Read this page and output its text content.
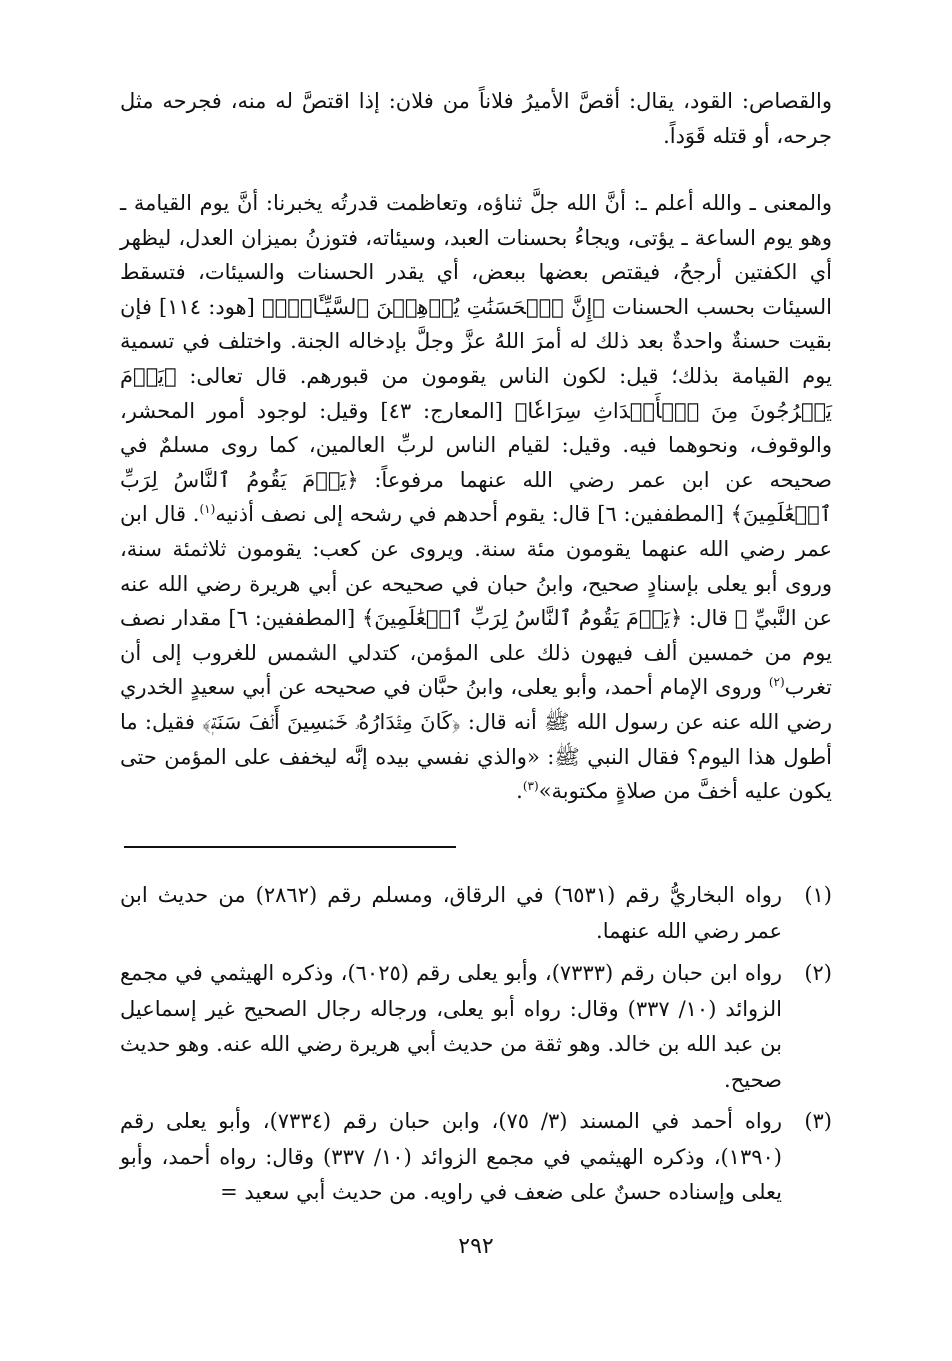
والقصاص: القود، يقال: أقصَّ الأميرُ فلاناً من فلان: إذا اقتصَّ له منه، فجرحه مثل جرحه، أو قتله قَوَداً.

والمعنى ـ والله أعلم ـ: أنَّ الله جلَّ ثناؤه، وتعاظمت قدرتُه يخبرنا: أنَّ يوم القيامة ـ وهو يوم الساعة ـ يؤتى، ويجاءُ بحسنات العبد، وسيئاته، فتوزنُ بميزان العدل، ليظهر أي الكفتين أرجحُ، فيقتص بعضها ببعض، أي يقدر الحسنات والسيئات، فتسقط السيئات بحسب الحسنات ﴿إِنَّ ٱلۡحَسَنَٰتِ يُذۡهِبۡنَ ٱلسَّيِّـَٔاتِۚ﴾ [هود: ١١٤] فإن بقيت حسنةٌ واحدةٌ بعد ذلك له أمرَ اللهُ عزَّ وجلَّ بإدخاله الجنة. واختلف في تسمية يوم القيامة بذلك؛ قيل: لكون الناس يقومون من قبورهم. قال تعالى: ﴿يَوۡمَ يَخۡرُجُونَ مِنَ ٱلۡأَجۡدَاثِ سِرَاعٗا﴾ [المعارج: ٤٣] وقيل: لوجود أمور المحشر، والوقوف، ونحوهما فيه. وقيل: لقيام الناس لربِّ العالمين، كما روى مسلمٌ في صحيحه عن ابن عمر رضي الله عنهما مرفوعاً: ﴿يَوۡمَ يَقُومُ ٱلنَّاسُ لِرَبِّ ٱلۡعَٰلَمِينَ﴾ [المطففين: ٦] قال: يقوم أحدهم في رشحه إلى نصف أذنيه$^{(١)}$. قال ابن عمر رضي الله عنهما يقومون مئة سنة. ويروى عن كعب: يقومون ثلاثمئة سنة، وروى أبو يعلى بإسنادٍ صحيح، وابنُ حبان في صحيحه عن أبي هريرة رضي الله عنه عن النَّبيِّ ﷺ قال: ﴿يَوۡمَ يَقُومُ ٱلنَّاسُ لِرَبِّ ٱلۡعَٰلَمِينَ﴾ [المطففين: ٦] مقدار نصف يوم من خمسين ألف فيهون ذلك على المؤمن، كتدلي الشمس للغروب إلى أن تغرب$^{(٢)}$ وروى الإمام أحمد، وأبو يعلى، وابنُ حبَّان في صحيحه عن أبي سعيدٍ الخدري رضي الله عنه عن رسول الله ﷺ أنه قال: ﴿كَانَ مِقۡدَارُهُۥ خَمۡسِينَ أَلۡفَ سَنَةٖ﴾ فقيل: ما أطول هذا اليوم؟ فقال النبي ﷺ: «والذي نفسي بيده إنَّه ليخفف على المؤمن حتى يكون عليه أخفَّ من صلاةٍ مكتوبة»$^{(٣)}$.

(١)
رواه البخاريُّ رقم (٦٥٣١) في الرقاق، ومسلم رقم (٢٨٦٢) من حديث ابن عمر رضي الله عنهما.

(٢)
رواه ابن حبان رقم (٧٣٣٣)، وأبو يعلى رقم (٦٠٢٥)، وذكره الهيثمي في مجمع الزوائد (١٠/ ٣٣٧) وقال: رواه أبو يعلى، ورجاله رجال الصحيح غير إسماعيل بن عبد الله بن خالد. وهو ثقة من حديث أبي هريرة رضي الله عنه. وهو حديث صحيح.

(٣)
رواه أحمد في المسند (٣/ ٧٥)، وابن حبان رقم (٧٣٣٤)، وأبو يعلى رقم (١٣٩٠)، وذكره الهيثمي في مجمع الزوائد (١٠/ ٣٣٧) وقال: رواه أحمد، وأبو يعلى وإسناده حسنٌ على ضعف في راويه. من حديث أبي سعيد =

٢٩٢
